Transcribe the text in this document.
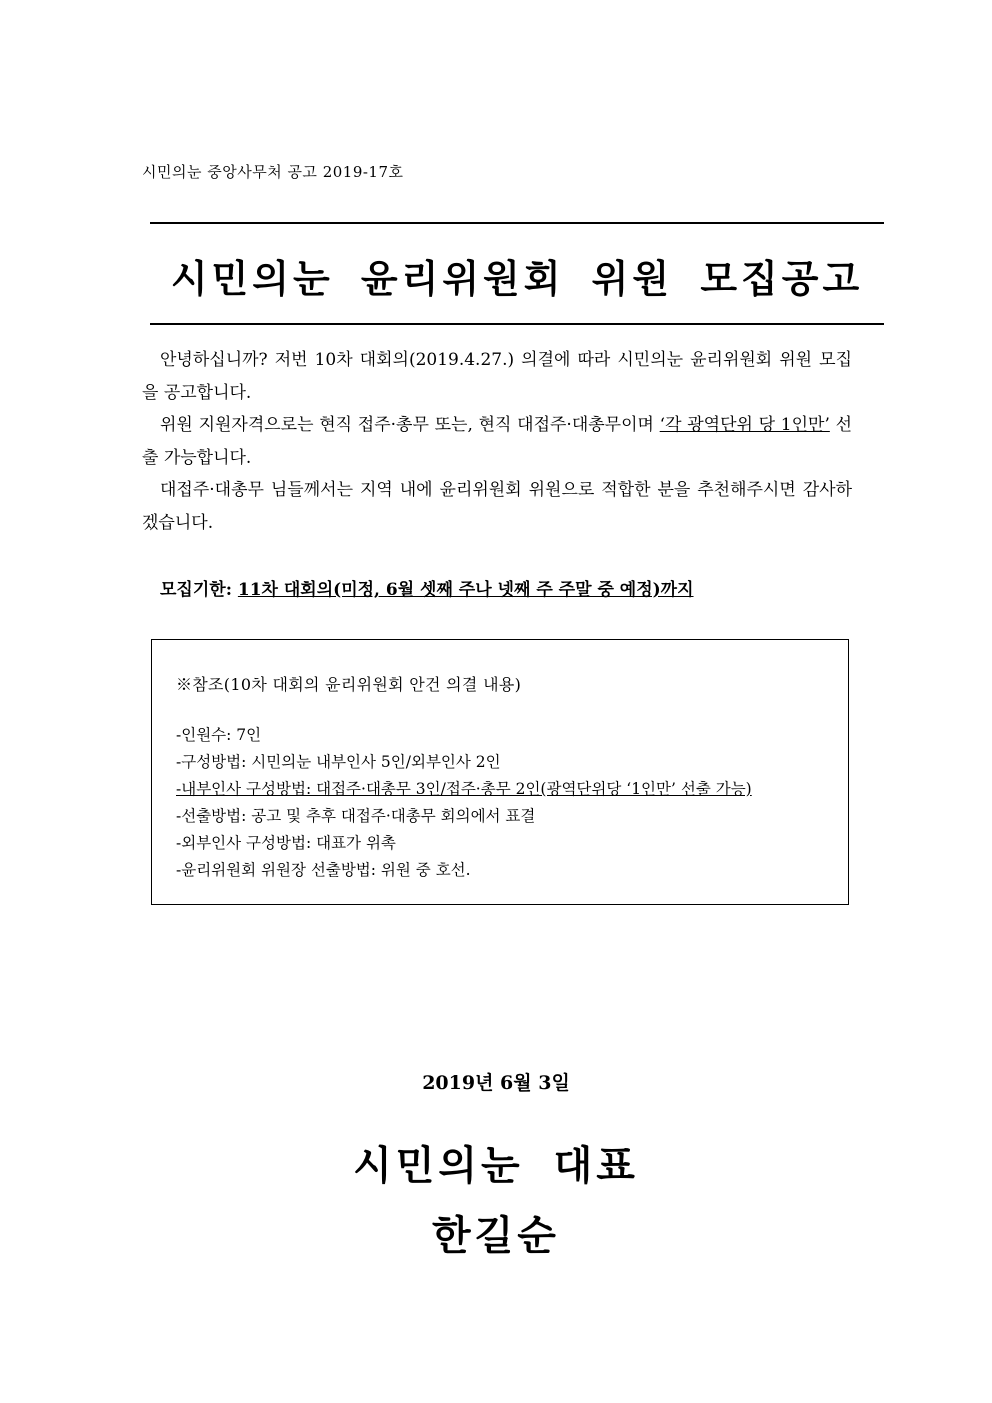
시민의눈 중앙사무처 공고 2019-17호
시민의눈 윤리위원회 위원 모집공고

안녕하십니까? 저번 10차 대회의(2019.4.27.) 의결에 따라 시민의눈 윤리위원회 위원 모집을 공고합니다.

위원 지원자격으로는 현직 접주·총무 또는, 현직 대접주·대총무이며 ‘각 광역단위 당 1인만’ 선출 가능합니다.

대접주·대총무 님들께서는 지역 내에 윤리위원회 위원으로 적합한 분을 추천해주시면 감사하겠습니다.

모집기한: 11차 대회의(미정, 6월 셋째 주나 넷째 주 주말 중 예정)까지
※참조(10차 대회의 윤리위원회 안건 의결 내용)
-인원수: 7인
-구성방법: 시민의눈 내부인사 5인/외부인사 2인
-내부인사 구성방법: 대접주·대총무 3인/접주·총무 2인(광역단위당 ‘1인만’ 선출 가능)
-선출방법: 공고 및 추후 대접주·대총무 회의에서 표결
-외부인사 구성방법: 대표가 위촉
-윤리위원회 위원장 선출방법: 위원 중 호선.
2019년 6월 3일
시민의눈 대표
한길순
